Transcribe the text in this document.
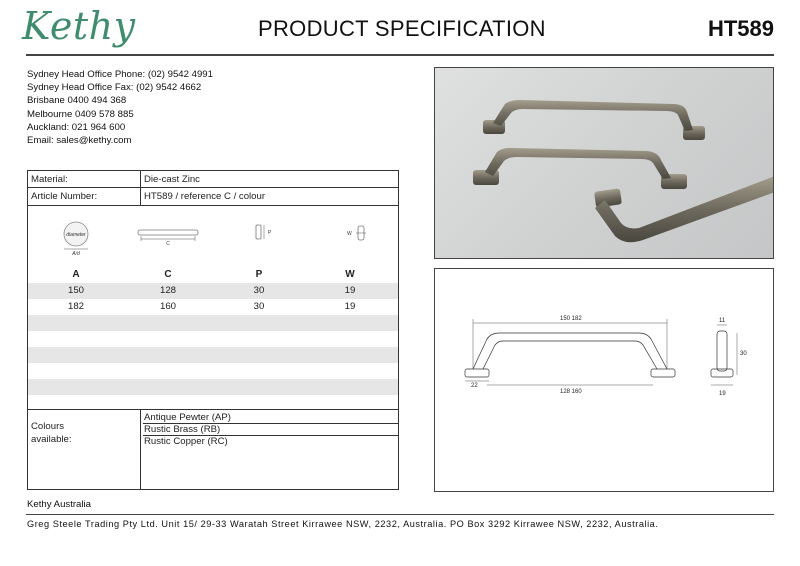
Kethy	PRODUCT SPECIFICATION	HT589
Sydney Head Office Phone: (02) 9542 4991
Sydney Head Office Fax: (02) 9542 4662
Brisbane 0400 494 368
Melbourne 0409 578 885
Auckland: 021 964 600
Email: sales@kethy.com
Material:	Die-cast Zinc
Article Number:	HT589 / reference C / colour
diameter
A/d
C
P	W
A	C	P	W
150	128	30	19
182	160	30	19
Colours
available:
Antique Pewter (AP)
Rustic Brass (RB)
Rustic Copper (RC)
150 182
128 160
22
11
30
19
Kethy Australia
Greg Steele Trading Pty Ltd. Unit 15/ 29-33 Waratah Street Kirrawee NSW, 2232, Australia. PO Box 3292 Kirrawee NSW, 2232, Australia.
